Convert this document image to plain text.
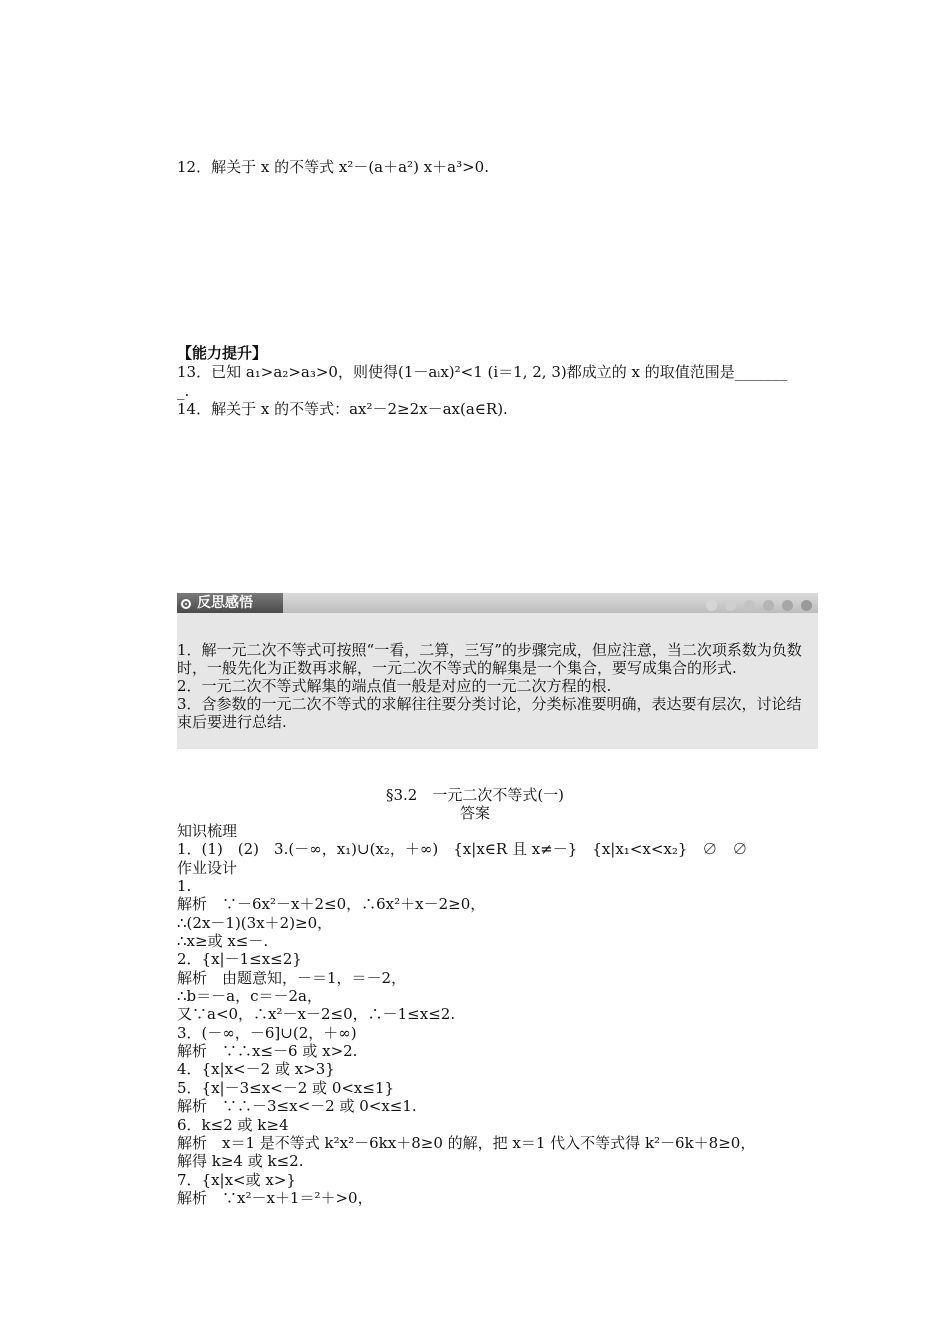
12．解关于 x 的不等式 x²－(a＋a²) x＋a³>0.
【能力提升】
13．已知 a₁>a₂>a₃>0，则使得(1－aᵢx)²<1 (i＝1, 2, 3)都成立的 x 的取值范围是_______
_.
14．解关于 x 的不等式：ax²－2≥2x－ax(a∈R).
反思感悟
1．解一元二次不等式可按照“一看，二算，三写”的步骤完成，但应注意，当二次项系数为负数时，一般先化为正数再求解，一元二次不等式的解集是一个集合，要写成集合的形式.
2．一元二次不等式解集的端点值一般是对应的一元二次方程的根.
3．含参数的一元二次不等式的求解往往要分类讨论，分类标准要明确，表达要有层次，讨论结束后要进行总结.
§3.2　一元二次不等式(一)
答案
知识梳理
1．(1)　(2)　3.(－∞，x₁)∪(x₂，＋∞)　{x|x∈R 且 x≠－}　{x|x₁<x<x₂}　∅　∅
作业设计
1.
解析　∵－6x²－x＋2≤0，∴6x²＋x－2≥0，
∴(2x－1)(3x＋2)≥0，
∴x≥或 x≤－.
2．{x|－1≤x≤2}
解析　由题意知，－＝1，＝－2，
∴b＝－a，c＝－2a，
又∵a<0，∴x²－x－2≤0，∴－1≤x≤2.
3．(－∞，－6]∪(2，＋∞)
解析　∵∴x≤－6 或 x>2.
4．{x|x<－2 或 x>3}
5．{x|－3≤x<－2 或 0<x≤1}
解析　∵∴－3≤x<－2 或 0<x≤1.
6．k≤2 或 k≥4
解析　x＝1 是不等式 k²x²－6kx＋8≥0 的解，把 x＝1 代入不等式得 k²－6k＋8≥0，
解得 k≥4 或 k≤2.
7．{x|x<或 x>}
解析　∵x²－x＋1＝²＋>0，
